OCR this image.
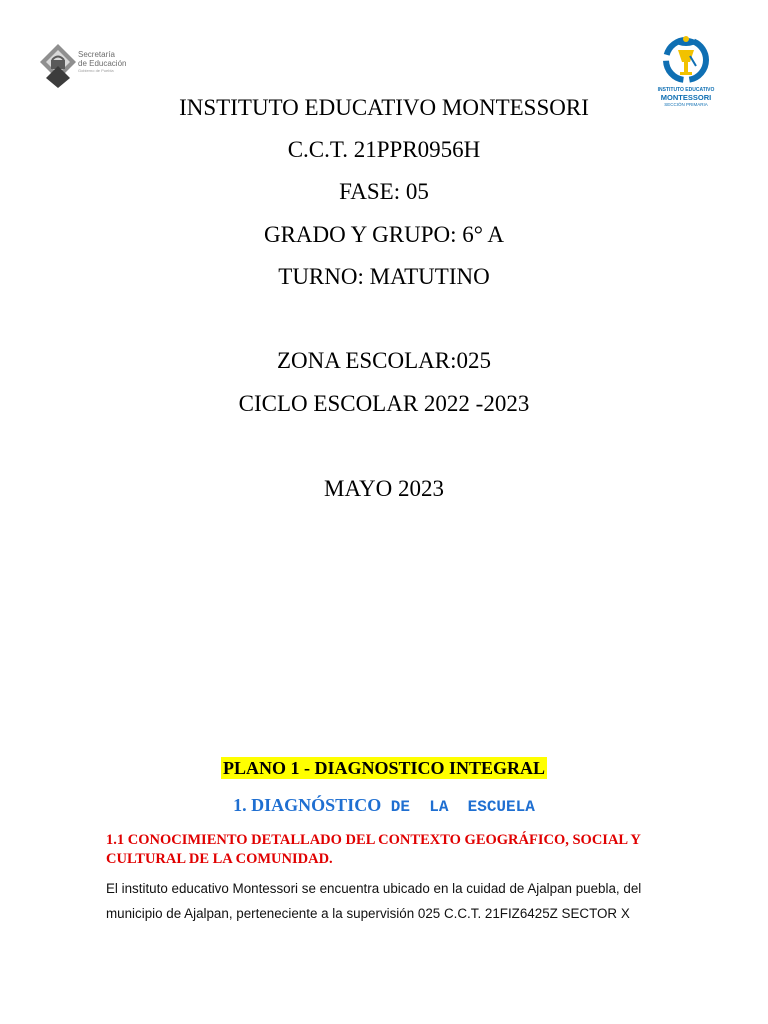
Secretaría
de Educación
Gobierno de Puebla
INSTITUTO EDUCATIVO
MONTESSORI
SECCIÓN PRIMARIA
INSTITUTO EDUCATIVO MONTESSORI
C.C.T. 21PPR0956H
FASE: 05
GRADO Y GRUPO: 6° A
TURNO: MATUTINO
ZONA ESCOLAR:025
CICLO ESCOLAR 2022 -2023
MAYO 2023
PLANO 1 - DIAGNOSTICO INTEGRAL
1. DIAGNÓSTICO DE  LA  ESCUELA
1.1 CONOCIMIENTO DETALLADO DEL CONTEXTO GEOGRÁFICO, SOCIAL Y CULTURAL DE LA COMUNIDAD.
El instituto educativo Montessori se encuentra ubicado en la cuidad de Ajalpan puebla, del
municipio de Ajalpan, perteneciente a la supervisión 025 C.C.T. 21FIZ6425Z SECTOR X
